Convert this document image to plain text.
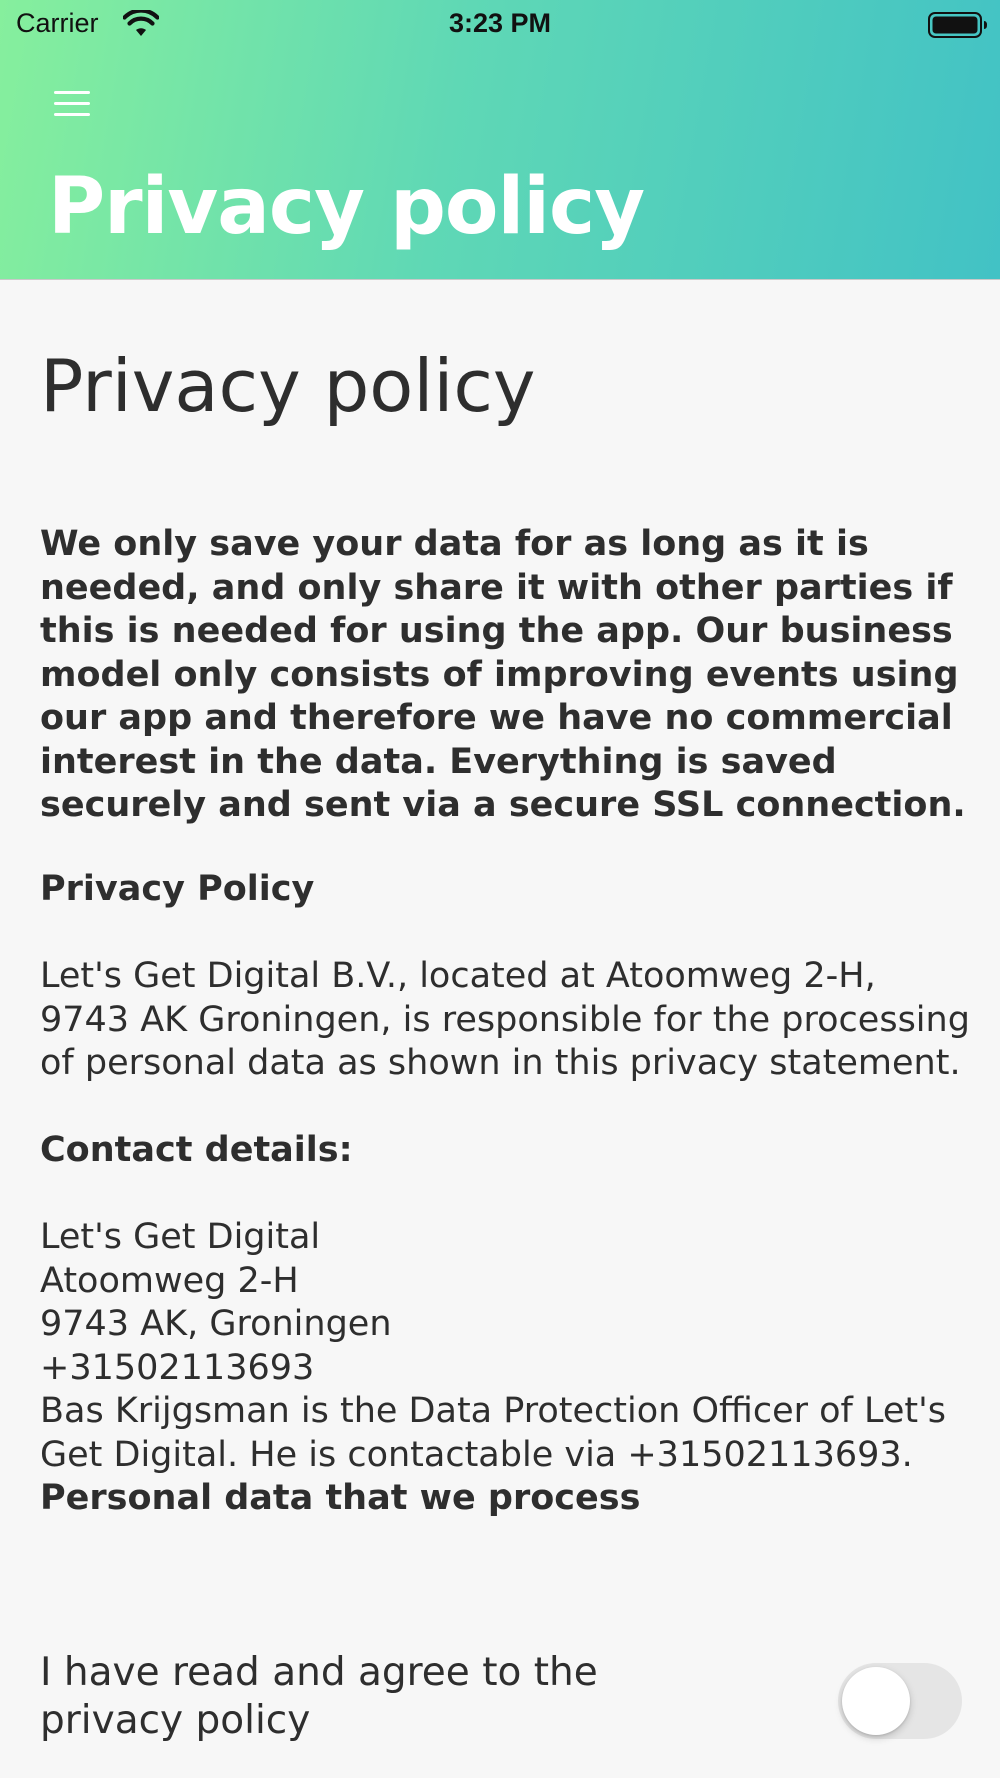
Carrier	3:23 PM
Privacy policy
Privacy policy

We only save your data for as long as it is needed, and only share it with other parties if this is needed for using the app. Our business model only consists of improving events using our app and therefore we have no commercial interest in the data. Everything is saved securely and sent via a secure SSL connection.

Privacy Policy

Let's Get Digital B.V., located at Atoomweg 2-H, 9743 AK Groningen, is responsible for the processing of personal data as shown in this privacy statement.

Contact details:

Let's Get Digital
Atoomweg 2-H
9743 AK, Groningen
+31502113693

Bas Krijgsman is the Data Protection Officer of Let's Get Digital. He is contactable via +31502113693.

Personal data that we process

I have read and agree to the privacy policy
